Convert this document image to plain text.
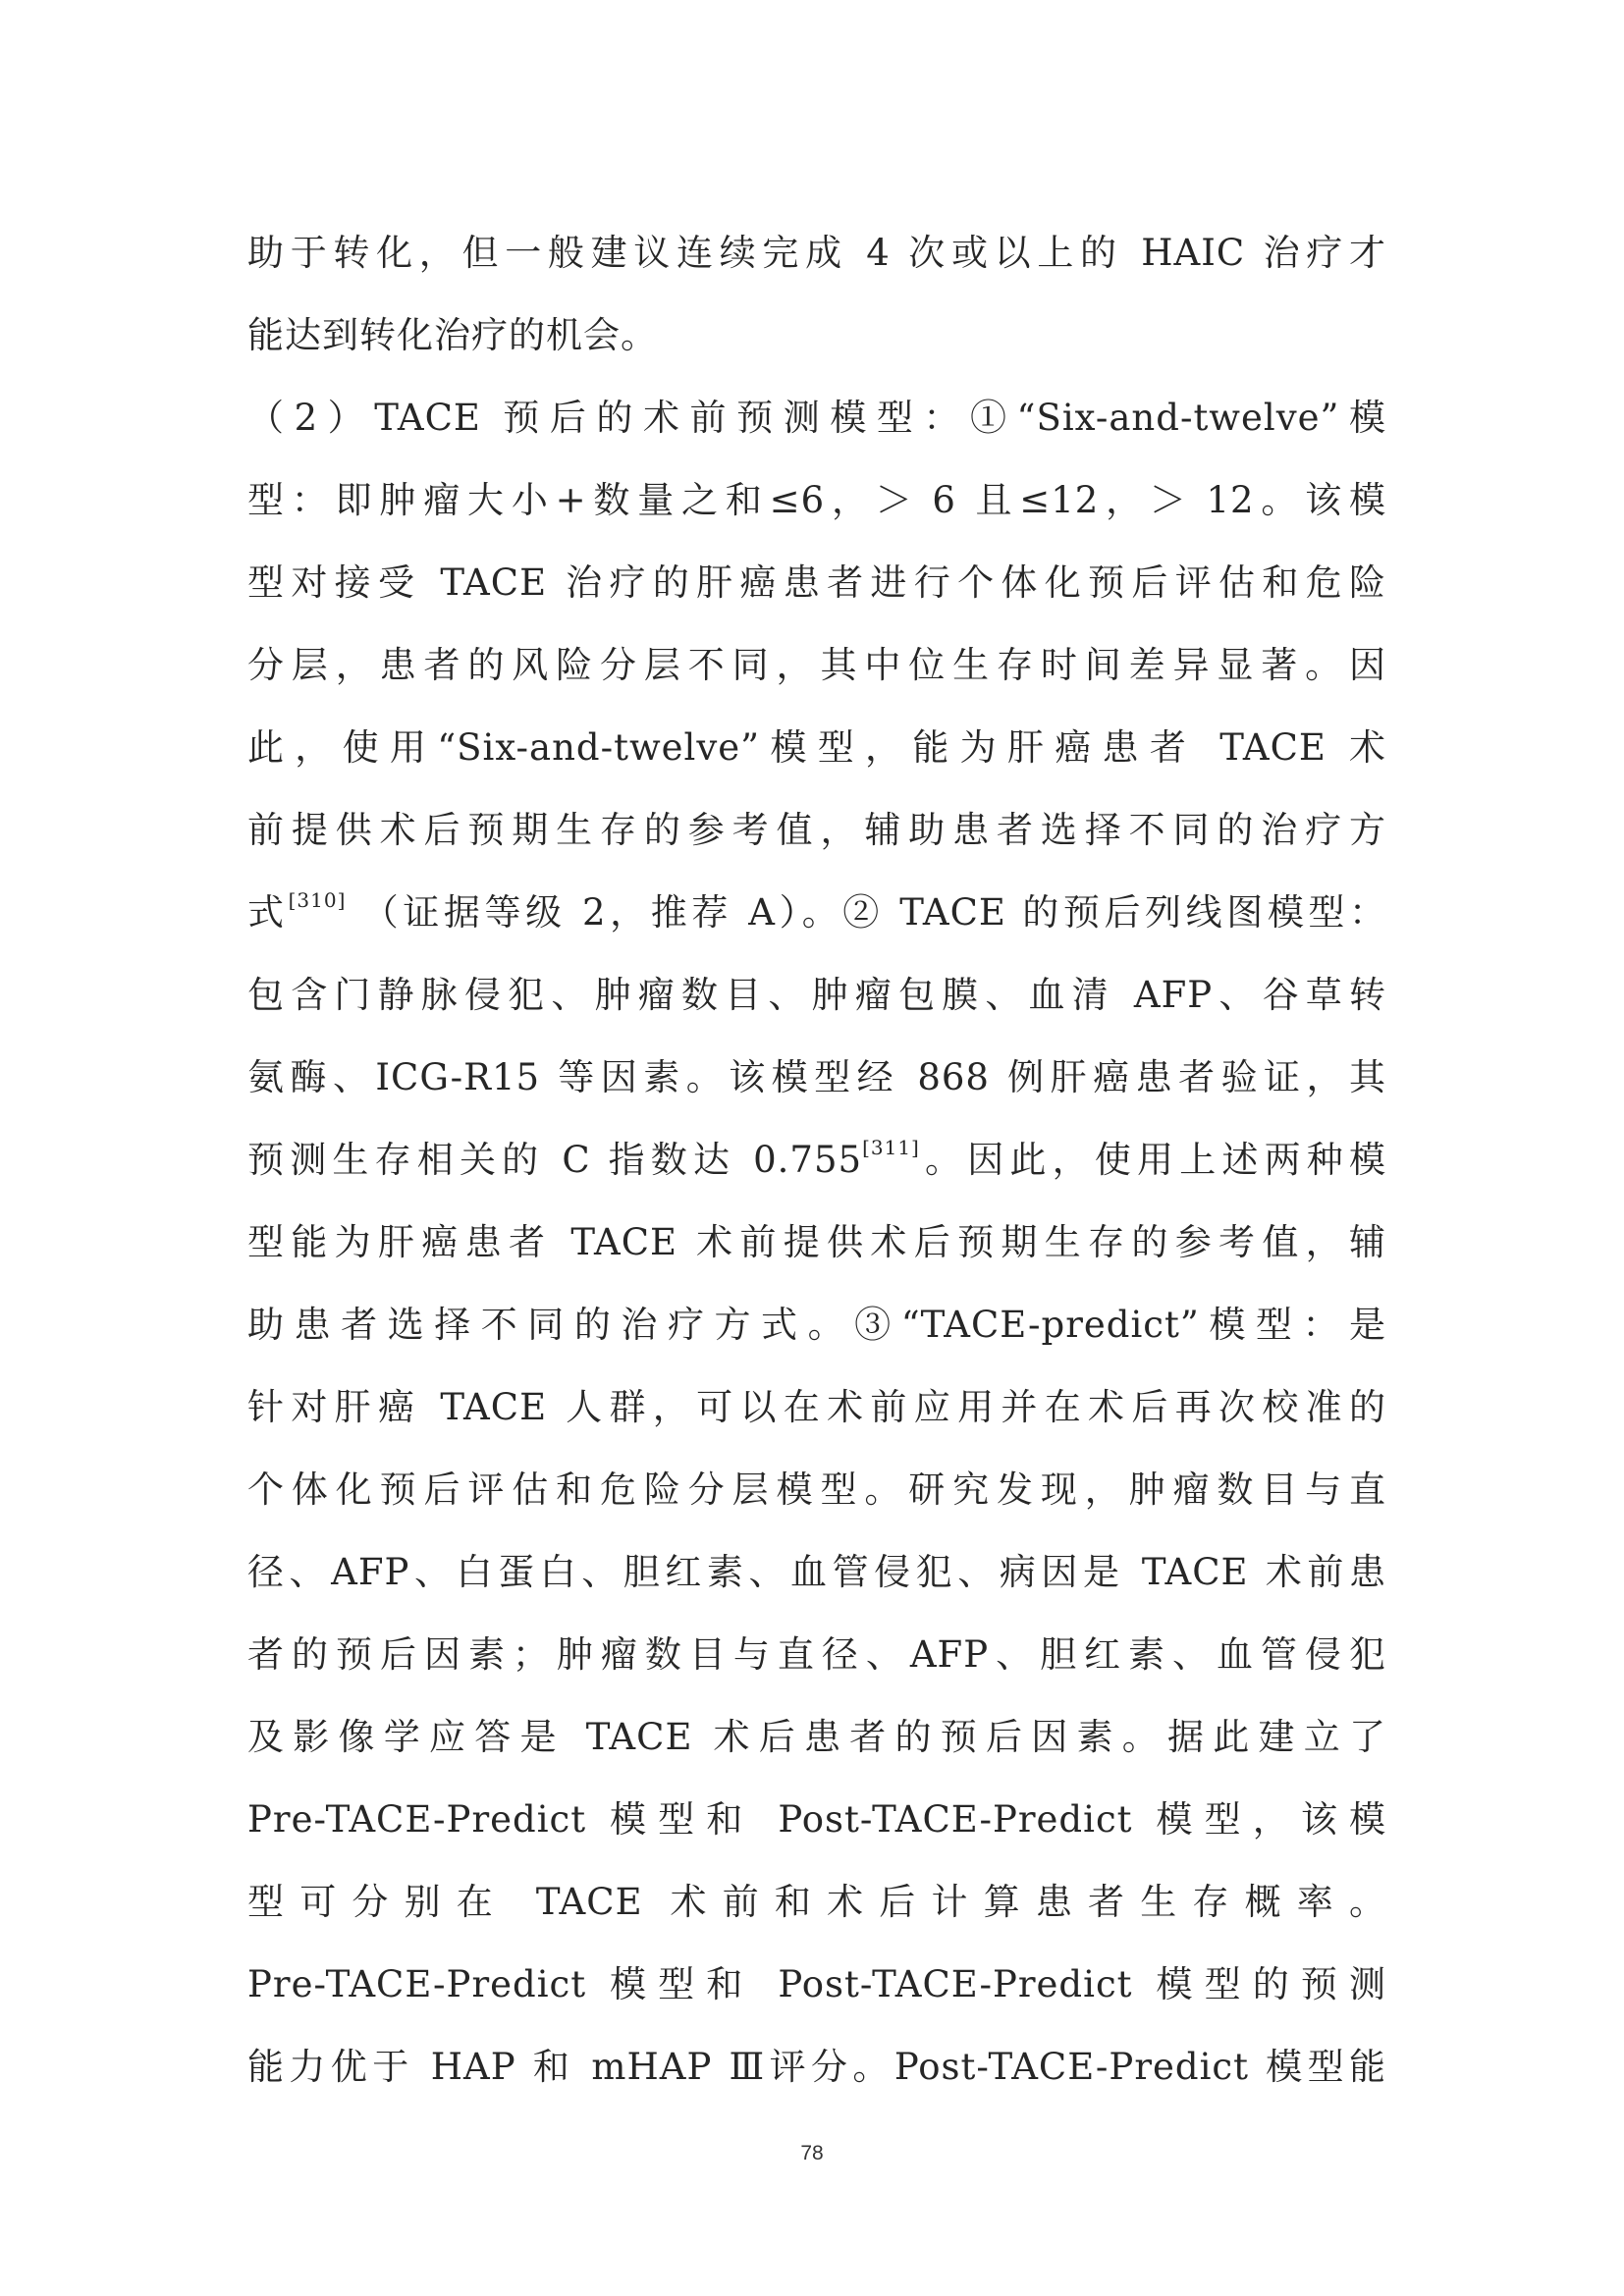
助于转化，但一般建议连续完成 4 次或以上的 HAIC 治疗才
能达到转化治疗的机会。
（2）TACE 预后的术前预测模型：①“Six-and-twelve”模
型：即肿瘤大小+数量之和≤6，＞ 6 且≤12，＞ 12。该模
型对接受 TACE 治疗的肝癌患者进行个体化预后评估和危险
分层，患者的风险分层不同，其中位生存时间差异显著。因
此，使用“Six-and-twelve”模型，能为肝癌患者 TACE 术
前提供术后预期生存的参考值，辅助患者选择不同的治疗方
式[310] （证据等级 2，推荐 A）。② TACE 的预后列线图模型：
包含门静脉侵犯、肿瘤数目、肿瘤包膜、血清 AFP、谷草转
氨酶、ICG-R15 等因素。该模型经 868 例肝癌患者验证，其
预测生存相关的 C 指数达 0.755[311]。因此，使用上述两种模
型能为肝癌患者 TACE 术前提供术后预期生存的参考值，辅
助患者选择不同的治疗方式。③“TACE-predict”模型：是
针对肝癌 TACE 人群，可以在术前应用并在术后再次校准的
个体化预后评估和危险分层模型。研究发现，肿瘤数目与直
径、AFP、白蛋白、胆红素、血管侵犯、病因是 TACE 术前患
者的预后因素；肿瘤数目与直径、AFP、胆红素、血管侵犯
及影像学应答是 TACE 术后患者的预后因素。据此建立了
Pre-TACE-Predict 模型和 Post-TACE-Predict 模型，该模
型可分别在 TACE 术前和术后计算患者生存概率。
Pre-TACE-Predict 模型和 Post-TACE-Predict 模型的预测
能力优于 HAP 和 mHAP Ⅲ评分。Post-TACE-Predict 模型能
78
